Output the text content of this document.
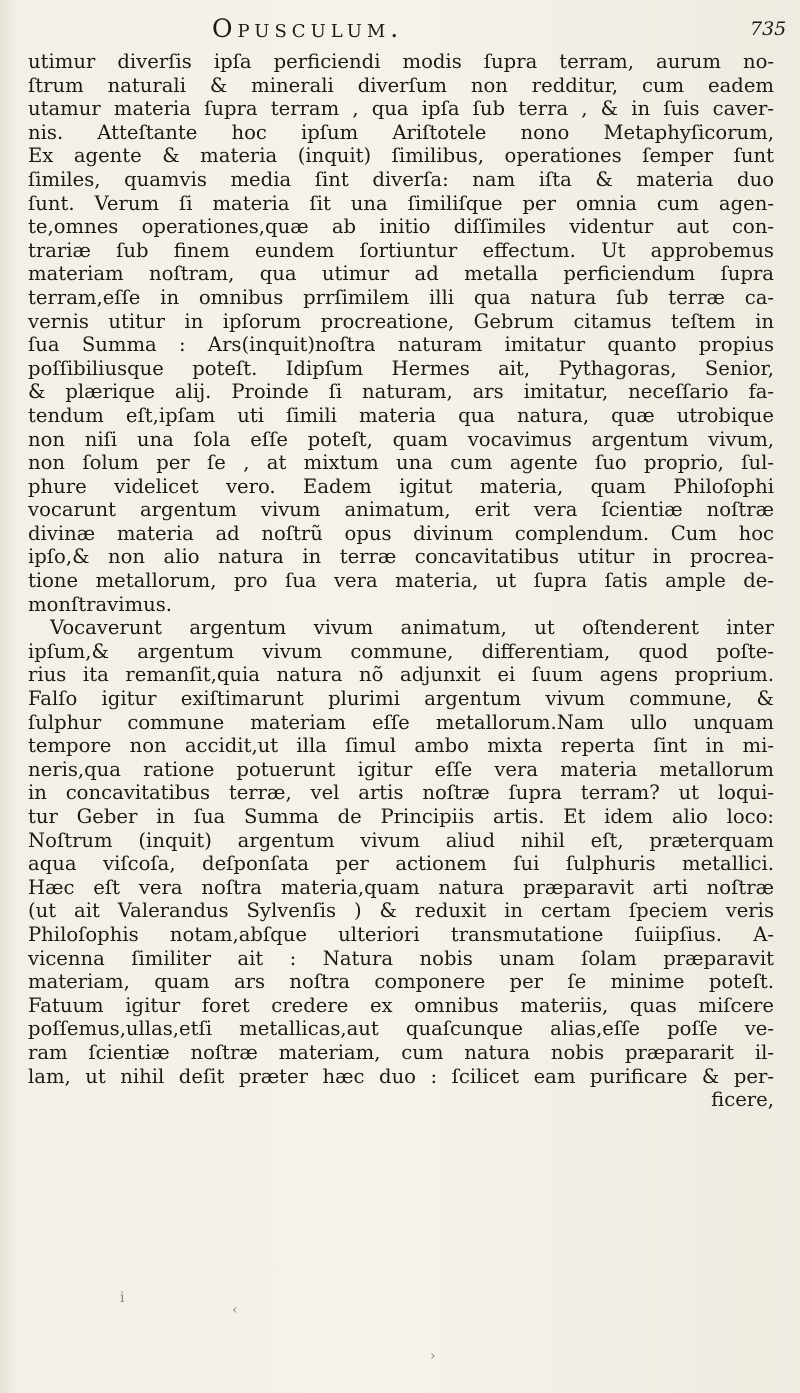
Opusculum.	735
utimur diverſis ipſa perficiendi modis ſupra terram, aurum no-
ſtrum naturali & minerali diverſum non redditur, cum eadem
utamur materia ſupra terram , qua ipſa ſub terra , & in ſuis caver-
nis. Atteſtante hoc ipſum Ariſtotele nono Metaphyſicorum,
Ex agente & materia (inquit) ſimilibus, operationes ſemper ſunt
ſimiles, quamvis media ſint diverſa: nam iſta & materia duo
ſunt. Verum ſi materia ſit una ſimiliſque per omnia cum agen-
te,omnes operationes,quæ ab initio diſſimiles videntur aut con-
trariæ ſub finem eundem ſortiuntur effectum. Ut approbemus
materiam noſtram, qua utimur ad metalla perficiendum ſupra
terram,eſſe in omnibus prrſimilem illi qua natura ſub terræ ca-
vernis utitur in ipſorum procreatione, Gebrum citamus teſtem in
ſua Summa : Ars(inquit)noſtra naturam imitatur quanto propius
poſſibiliusque poteſt. Idipſum Hermes ait, Pythagoras, Senior,
& plærique alij. Proinde ſi naturam, ars imitatur, neceſſario fa-
tendum eſt,ipſam uti ſimili materia qua natura, quæ utrobique
non niſi una ſola eſſe poteſt, quam vocavimus argentum vivum,
non ſolum per ſe , at mixtum una cum agente ſuo proprio, ſul-
phure videlicet vero. Eadem igitut materia, quam Philoſophi
vocarunt argentum vivum animatum, erit vera ſcientiæ noſtræ
divinæ materia ad noſtrũ opus divinum complendum. Cum hoc
ipſo,& non alio natura in terræ concavitatibus utitur in procrea-
tione metallorum, pro ſua vera materia, ut ſupra ſatis ample de-
monſtravimus.
Vocaverunt argentum vivum animatum, ut oſtenderent inter
ipſum,& argentum vivum commune, differentiam, quod poſte-
rius ita remanſit,quia natura nõ adjunxit ei ſuum agens proprium.
Falſo igitur exiſtimarunt plurimi argentum vivum commune, &
ſulphur commune materiam eſſe metallorum.Nam ullo unquam
tempore non accidit,ut illa ſimul ambo mixta reperta ſint in mi-
neris,qua ratione potuerunt igitur eſſe vera materia metallorum
in concavitatibus terræ, vel artis noſtræ ſupra terram? ut loqui-
tur Geber in ſua Summa de Principiis artis. Et idem alio loco:
Noſtrum (inquit) argentum vivum aliud nihil eſt, præterquam
aqua viſcoſa, deſponſata per actionem ſui ſulphuris metallici.
Hæc eſt vera noſtra materia,quam natura præparavit arti noſtræ
(ut ait Valerandus Sylvenſis ) & reduxit in certam ſpeciem veris
Philoſophis notam,abſque ulteriori transmutatione ſuiipſius. A-
vicenna ſimiliter ait : Natura nobis unam ſolam præparavit
materiam, quam ars noſtra componere per ſe minime poteſt.
Fatuum igitur foret credere ex omnibus materiis, quas miſcere
poſſemus,ullas,etſi metallicas,aut quaſcunque alias,eſſe poſſe ve-
ram ſcientiæ noſtræ materiam, cum natura nobis præpararit il-
lam, ut nihil deſit præter hæc duo : ſcilicet eam purificare & per-
ficere,
ⅰ
‹
›
